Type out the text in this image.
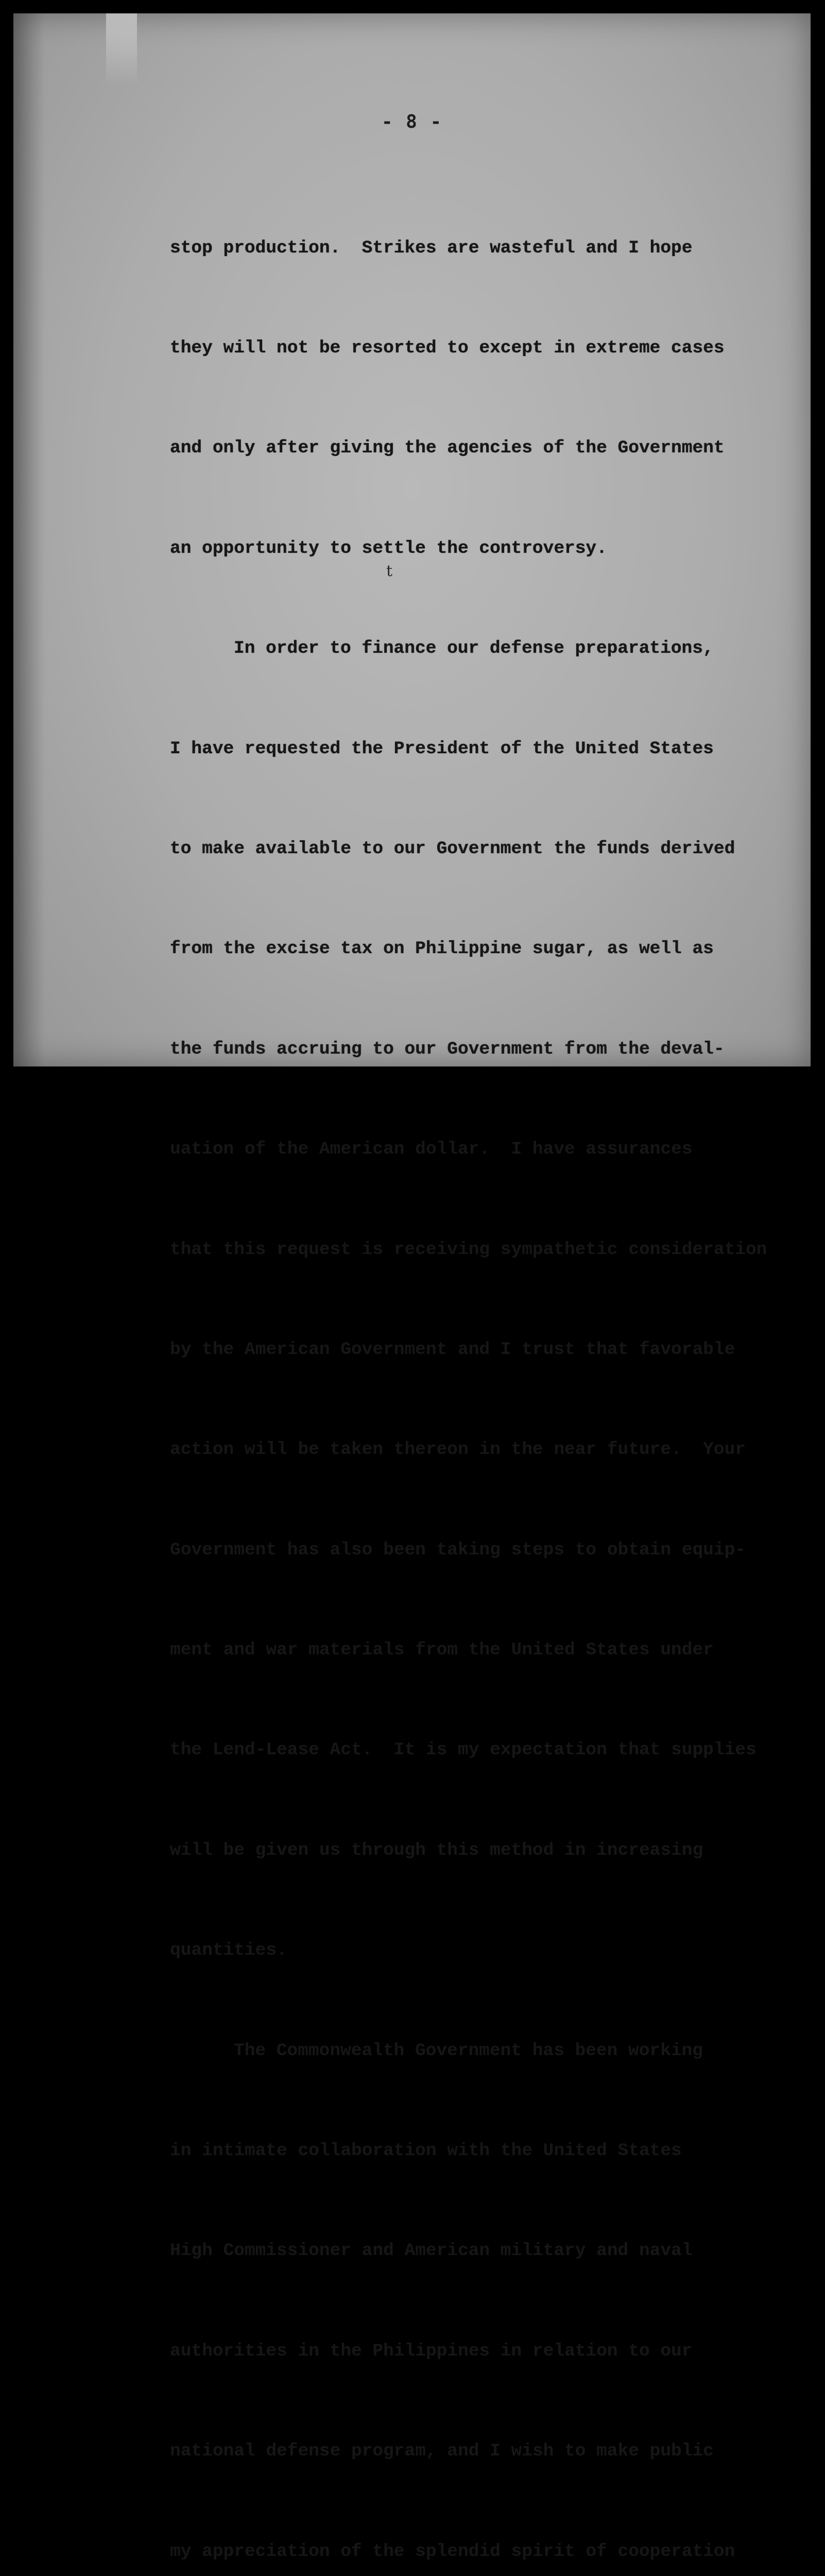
- 8 -

stop production.  Strikes are wasteful and I hope

they will not be resorted to except in extreme cases

and only after giving the agencies of the Government

an opportunity to settle the controversy.

In order to finance our defense preparations,

I have requested the President of the United States

to make available to our Government the funds derived

from the excise tax on Philippine sugar, as well as

the funds accruing to our Government from the deval-

uation of the American dollar.  I have assurances

that this request is receiving sympathetic consideration

by the American Government and I trust that favorable

action will be taken thereon in the near future.  Your

Government has also been taking steps to obtain equip-

ment and war materials from the United States under

the Lend-Lease Act.  It is my expectation that supplies

will be given us through this method in increasing

quantities.

The Commonwealth Government has been working

in intimate collaboration with the United States

High Commissioner and American military and naval

authorities in the Philippines in relation to our

national defense program, and I wish to make public

my appreciation of the splendid spirit of cooperation

t
